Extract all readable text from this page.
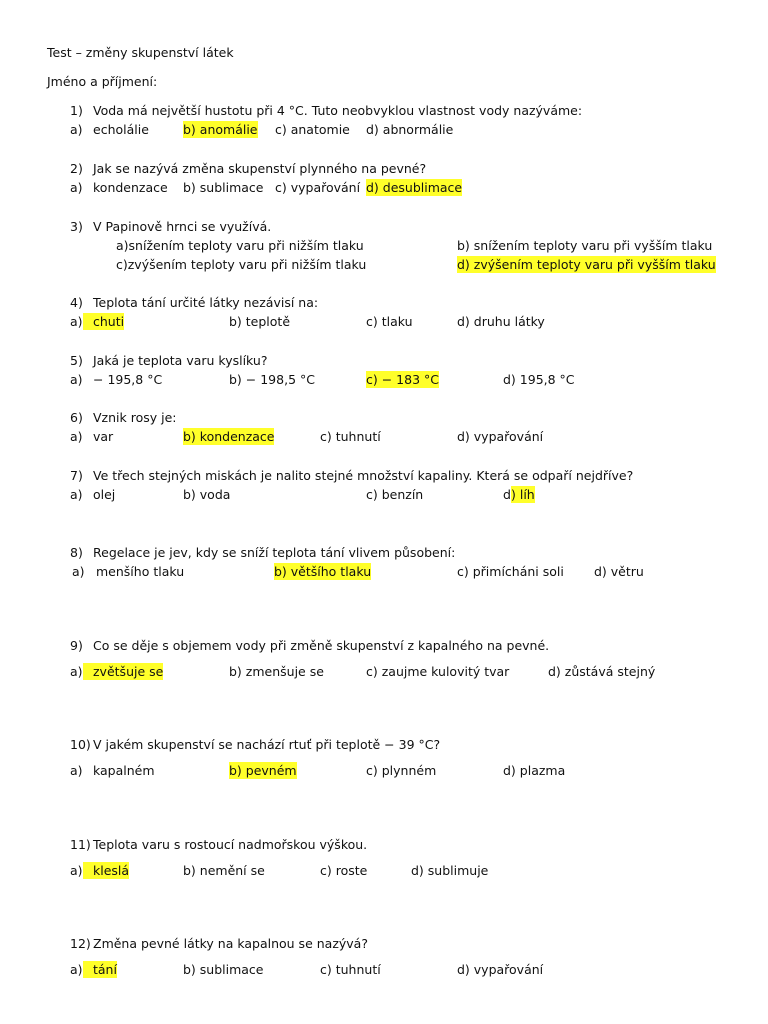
Test – změny skupenství látek
Jméno a příjmení:
1) Voda má největší hustotu při 4 °C. Tuto neobvyklou vlastnost vody nazýváme:
a) echolálie	b) anomálie c) anatomie d) abnormálie
2) Jak se nazývá změna skupenství plynného na pevné?
a) kondenzace b) sublimace c) vypařování d) desublimace
3) V Papinově hrnci se využívá.
a)snížením teploty varu při nižším tlaku	b) snížením teploty varu při vyšším tlaku
c)zvýšením teploty varu při nižším tlaku	d) zvýšením teploty varu při vyšším tlaku
4) Teplota tání určité látky nezávisí na:
a) chuti	b) teplotě	c) tlaku	d) druhu látky
5) Jaká je teplota varu kyslíku?
a) − 195,8 °C	b) − 198,5 °C	c) − 183 °C	d) 195,8 °C
6) Vznik rosy je:
a) var	b) kondenzace	c) tuhnutí	d) vypařování
7) Ve třech stejných miskách je nalito stejné množství kapaliny. Která se odpaří nejdříve?
a) olej	b) voda	c) benzín	d ) líh
8) Regelace je jev, kdy se sníží teplota tání vlivem působení:
a) menšího tlaku	b) většího tlaku	c) přimícháni soli d) větru
9) Co se děje s objemem vody při změně skupenství z kapalného na pevné.
a) zvětšuje se	b) zmenšuje se	c) zaujme kulovitý tvar	d) zůstává stejný
10) V jakém skupenství se nachází rtuť při teplotě − 39 °C?
a) kapalném	b) pevném	c) plynném	d) plazma
11) Teplota varu s rostoucí nadmořskou výškou.
a) kleslá	b) nemění se	c) roste	d) sublimuje
12) Změna pevné látky na kapalnou se nazývá?
a) tání	b) sublimace	c) tuhnutí	d) vypařování
